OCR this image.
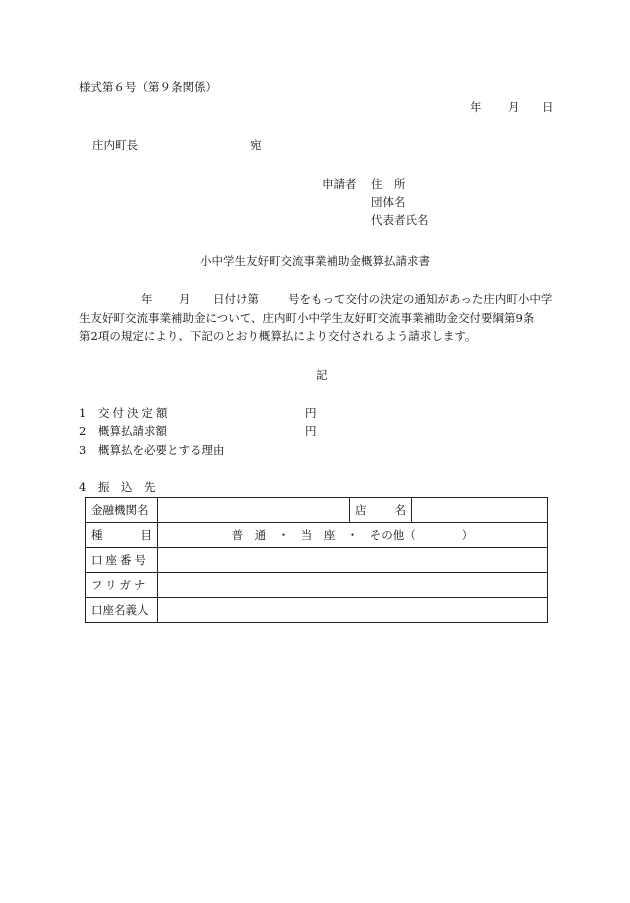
様式第６号（第９条関係）
年 月 日
庄内町長	宛
申請者 住　所
団体名
代表者氏名
小中学生友好町交流事業補助金概算払請求書
年 月 日付け第	号をもって交付の決定の通知があった庄内町小中学
生友好町交流事業補助金について、庄内町小中学生友好町交流事業補助金交付要綱第9条
第2項の規定により、下記のとおり概算払により交付されるよう請求します。
記
1 交付決定額	円
2 概算払請求額	円
3 概算払を必要とする理由
4 振　込　先
金融機関名		店 名	

種 目	普　通　・　当　座　・　その他（　　　　）		
口座番号			
フリガナ			
口座名義人			
